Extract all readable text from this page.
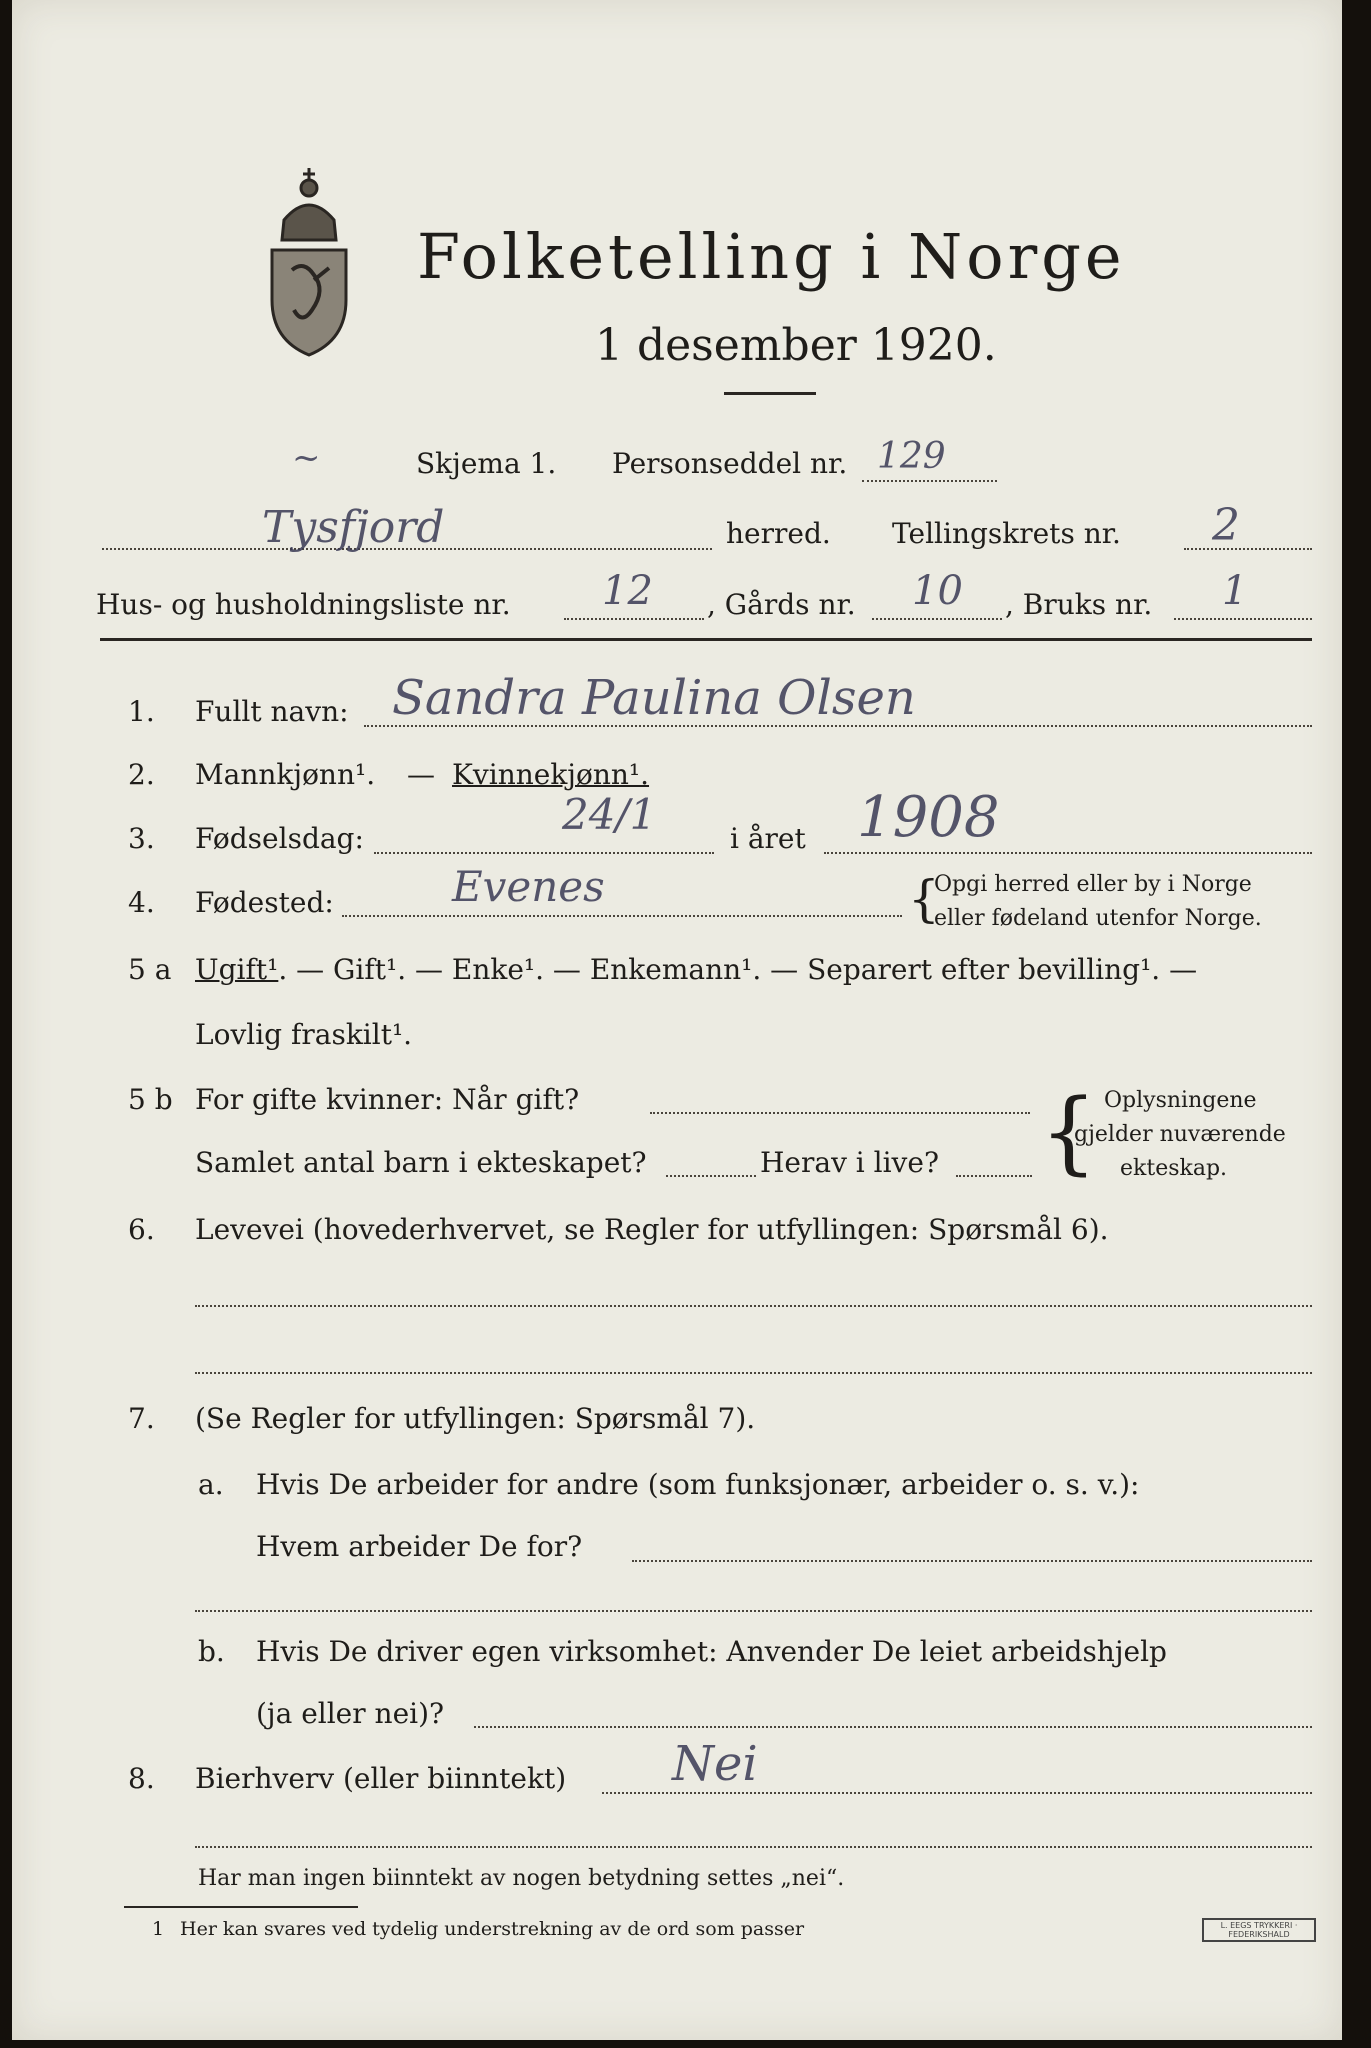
Folketelling i Norge
1 desember 1920.
~	Skjema 1. Personseddel nr. 129
Tysfjord	herred. Tellingskrets nr. 2
Hus- og husholdningsliste nr. 12 , Gårds nr. 10 , Bruks nr. 1
1. Fullt navn: Sandra Paulina Olsen
2. Mannkjønn¹. — Kvinnekjønn¹.
3. Fødselsdag:	24/1	i året 1908
4. Fødested:	Evenes	{
Opgi herred eller by i Norge
eller fødeland utenfor Norge.
5 a Ugift¹. — Gift¹. — Enke¹. — Enkemann¹. — Separert efter bevilling¹. —
Lovlig fraskilt¹.
5 b For gifte kvinner: Når gift?
Samlet antal barn i ekteskapet?	Herav i live? { Oplysningene
gjelder nuværende
ekteskap.
6. Levevei (hovederhvervet, se Regler for utfyllingen: Spørsmål 6).
7. (Se Regler for utfyllingen: Spørsmål 7).
a. Hvis De arbeider for andre (som funksjonær, arbeider o. s. v.):
Hvem arbeider De for?
b. Hvis De driver egen virksomhet: Anvender De leiet arbeidshjelp
(ja eller nei)?
8. Bierhverv (eller biinntekt) Nei
Har man ingen biinntekt av nogen betydning settes „nei“.
1 Her kan svares ved tydelig understrekning av de ord som passer	L. EEGS TRYKKERI · FEDERIKSHALD
